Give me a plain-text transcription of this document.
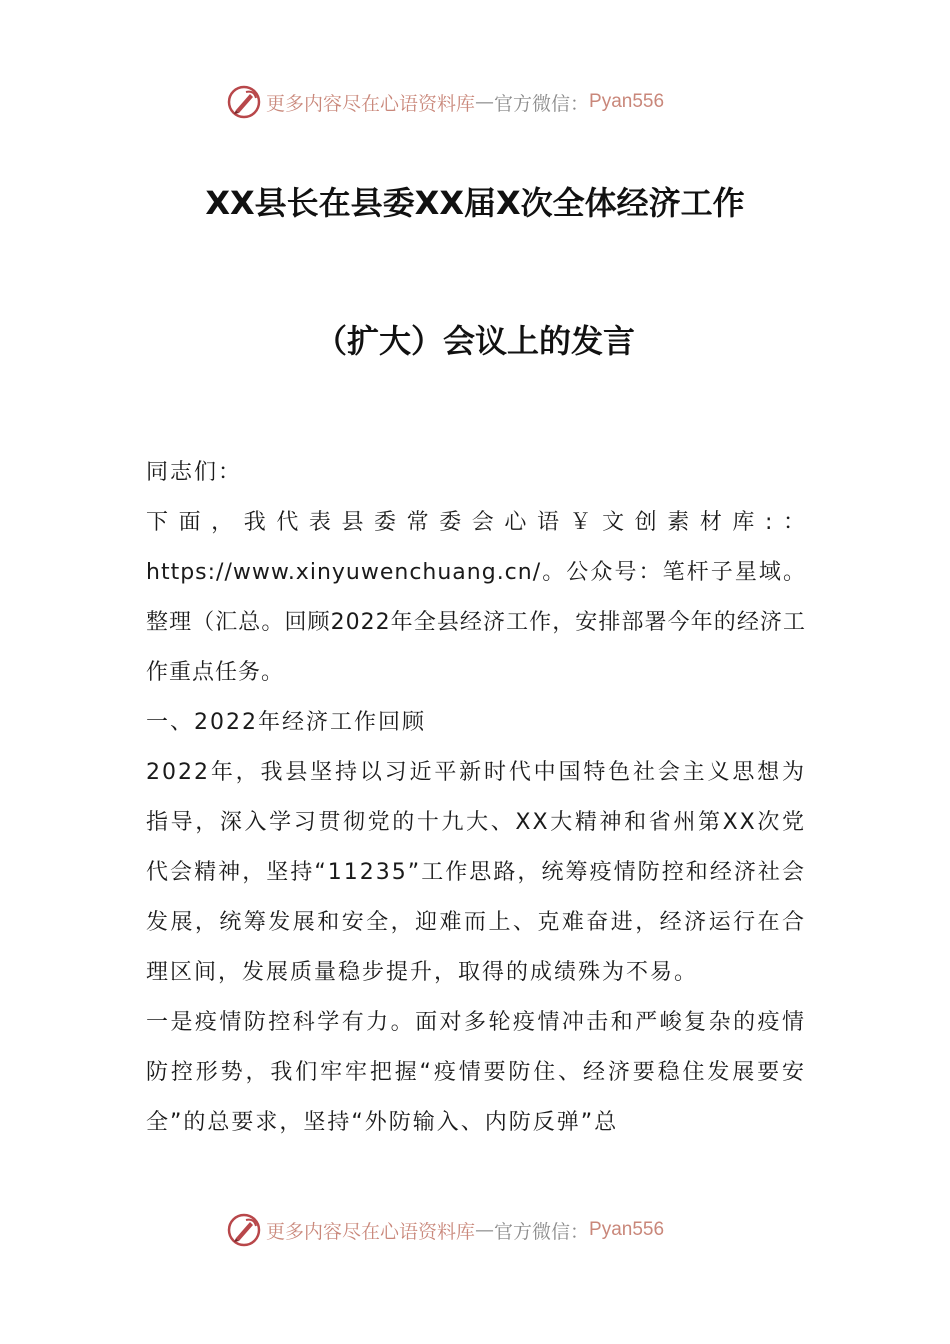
更多内容尽在心语资料库 — 官方微信： Pyan556
XX县长在县委XX届X次全体经济工作
（扩大）会议上的发言

同志们：

下面，我代表县委常委会心语￥文创素材库:：https://www.xinyuwenchuang.cn/。公众号：笔杆子星域。整理（汇总。回顾2022年全县经济工作，安排部署今年的经济工作重点任务。

一、2022年经济工作回顾

2022年，我县坚持以习近平新时代中国特色社会主义思想为指导，深入学习贯彻党的十九大、XX大精神和省州第XX次党代会精神，坚持“11235”工作思路，统筹疫情防控和经济社会发展，统筹发展和安全，迎难而上、克难奋进，经济运行在合理区间，发展质量稳步提升，取得的成绩殊为不易。

一是疫情防控科学有力。面对多轮疫情冲击和严峻复杂的疫情防控形势，我们牢牢把握“疫情要防住、经济要稳住发展要安全”的总要求，坚持“外防输入、内防反弹”总

更多内容尽在心语资料库 — 官方微信： Pyan556
